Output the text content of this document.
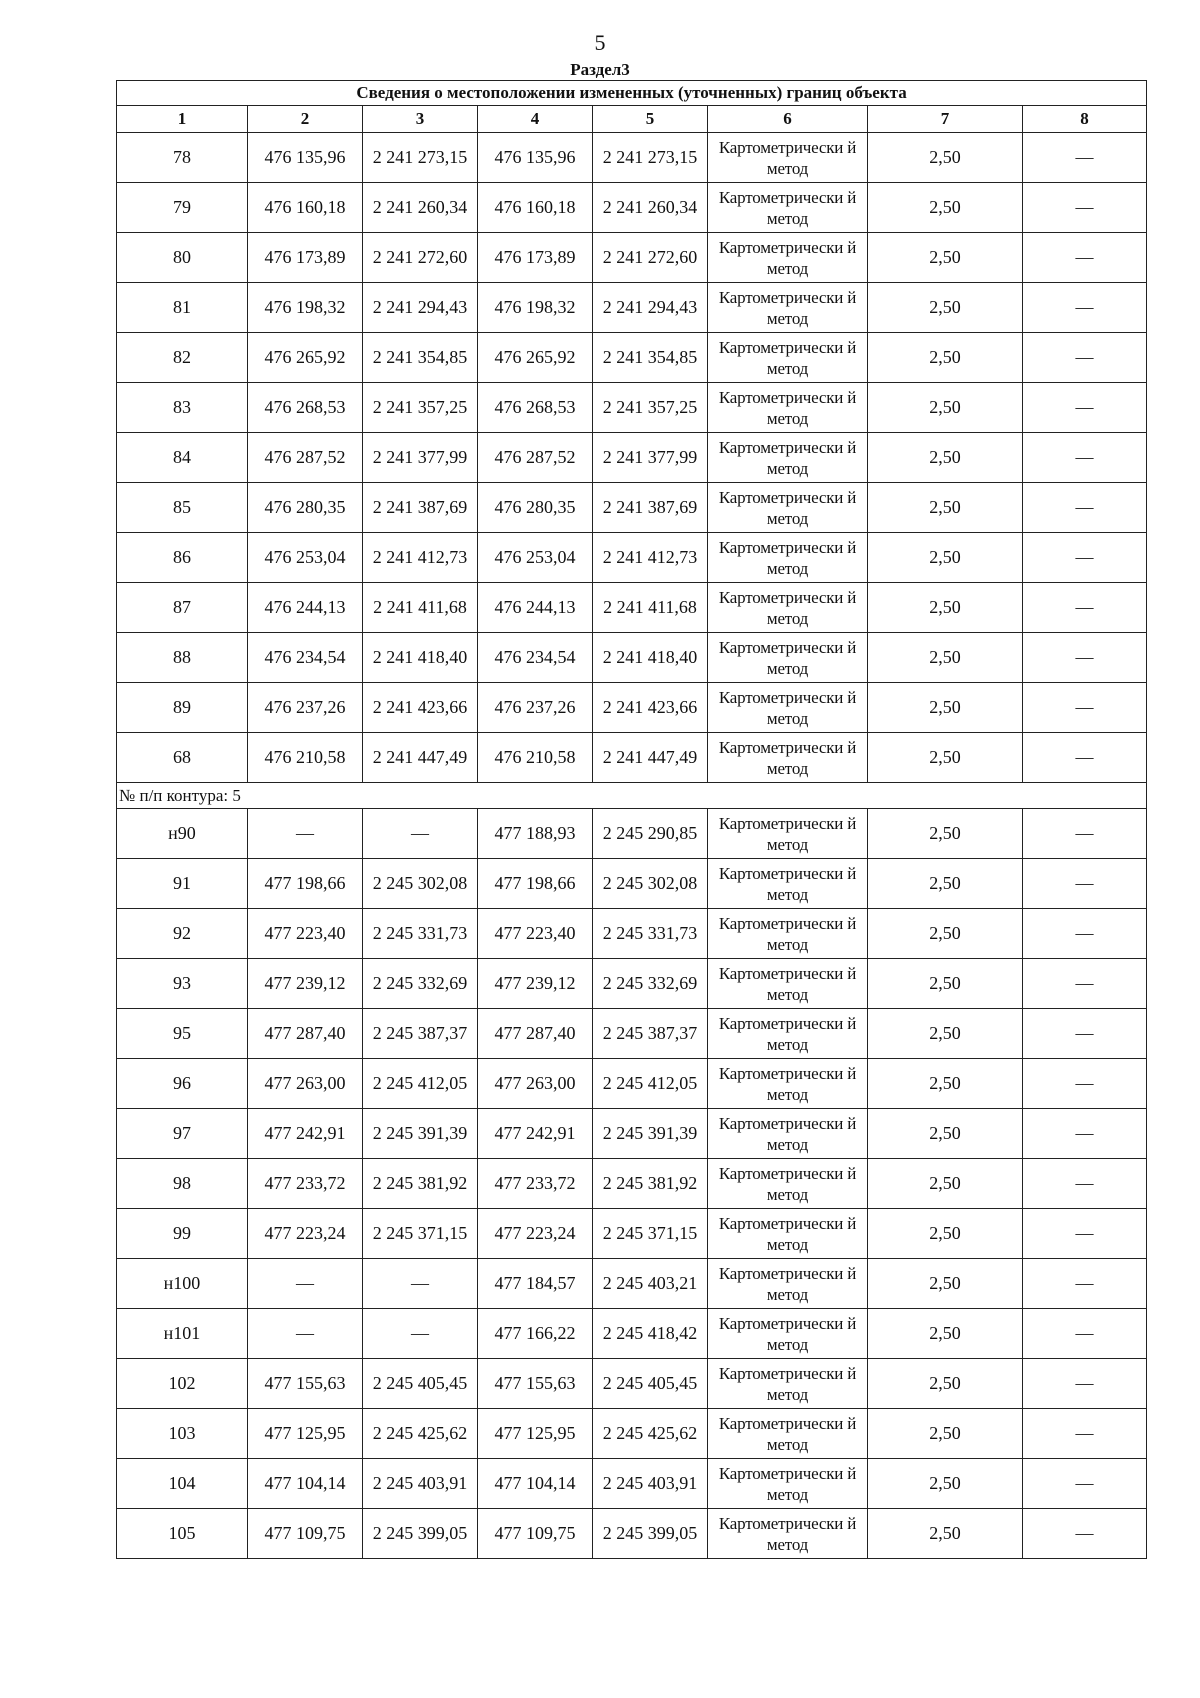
5
Раздел3
Сведения о местоположении измененных (уточненных) границ объекта							
1	2	3	4	5	6	7	8
78	476 135,96	2 241 273,15	476 135,96	2 241 273,15	Картометрически й метод	2,50	—
79	476 160,18	2 241 260,34	476 160,18	2 241 260,34	Картометрически й метод	2,50	—
80	476 173,89	2 241 272,60	476 173,89	2 241 272,60	Картометрически й метод	2,50	—
81	476 198,32	2 241 294,43	476 198,32	2 241 294,43	Картометрически й метод	2,50	—
82	476 265,92	2 241 354,85	476 265,92	2 241 354,85	Картометрически й метод	2,50	—
83	476 268,53	2 241 357,25	476 268,53	2 241 357,25	Картометрически й метод	2,50	—
84	476 287,52	2 241 377,99	476 287,52	2 241 377,99	Картометрически й метод	2,50	—
85	476 280,35	2 241 387,69	476 280,35	2 241 387,69	Картометрически й метод	2,50	—
86	476 253,04	2 241 412,73	476 253,04	2 241 412,73	Картометрически й метод	2,50	—
87	476 244,13	2 241 411,68	476 244,13	2 241 411,68	Картометрически й метод	2,50	—
88	476 234,54	2 241 418,40	476 234,54	2 241 418,40	Картометрически й метод	2,50	—
89	476 237,26	2 241 423,66	476 237,26	2 241 423,66	Картометрически й метод	2,50	—
68	476 210,58	2 241 447,49	476 210,58	2 241 447,49	Картометрически й метод	2,50	—
№ п/п контура: 5							
н90	—	—	477 188,93	2 245 290,85	Картометрически й метод	2,50	—
91	477 198,66	2 245 302,08	477 198,66	2 245 302,08	Картометрически й метод	2,50	—
92	477 223,40	2 245 331,73	477 223,40	2 245 331,73	Картометрически й метод	2,50	—
93	477 239,12	2 245 332,69	477 239,12	2 245 332,69	Картометрически й метод	2,50	—
95	477 287,40	2 245 387,37	477 287,40	2 245 387,37	Картометрически й метод	2,50	—
96	477 263,00	2 245 412,05	477 263,00	2 245 412,05	Картометрически й метод	2,50	—
97	477 242,91	2 245 391,39	477 242,91	2 245 391,39	Картометрически й метод	2,50	—
98	477 233,72	2 245 381,92	477 233,72	2 245 381,92	Картометрически й метод	2,50	—
99	477 223,24	2 245 371,15	477 223,24	2 245 371,15	Картометрически й метод	2,50	—
н100	—	—	477 184,57	2 245 403,21	Картометрически й метод	2,50	—
н101	—	—	477 166,22	2 245 418,42	Картометрически й метод	2,50	—
102	477 155,63	2 245 405,45	477 155,63	2 245 405,45	Картометрически й метод	2,50	—
103	477 125,95	2 245 425,62	477 125,95	2 245 425,62	Картометрически й метод	2,50	—
104	477 104,14	2 245 403,91	477 104,14	2 245 403,91	Картометрически й метод	2,50	—
105	477 109,75	2 245 399,05	477 109,75	2 245 399,05	Картометрически й метод	2,50	—
